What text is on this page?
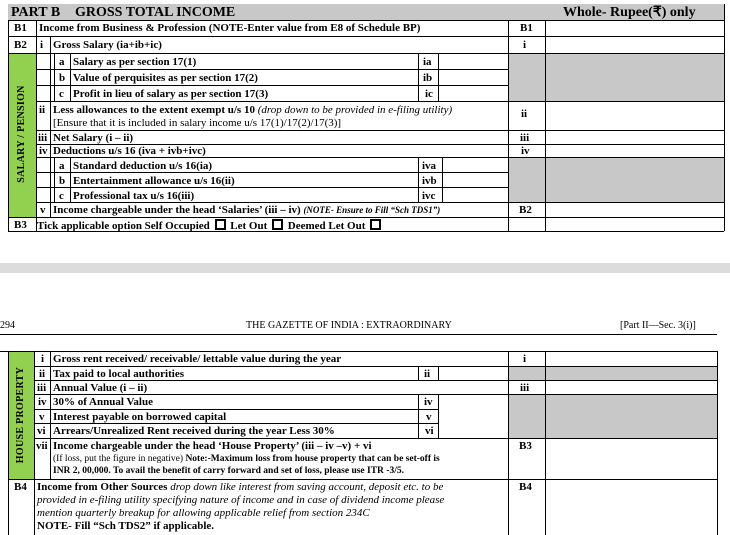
PART B GROSS TOTAL INCOME	Whole- Rupee(₹) only
SALARY / PENSION
B1 Income from Business & Profession (NOTE-Enter value from E8 of Schedule BP)	B1
B2 i Gross Salary (ia+ib+ic)	i
a Salary as per section 17(1)	ia
b Value of perquisites as per section 17(2)	ib
c Profit in lieu of salary as per section 17(3)	ic
ii Less allowances to the extent exempt u/s 10 (drop down to be provided in e-filing utility)
[Ensure that it is included in salary income u/s 17(1)/17(2)/17(3)]
ii
iii Net Salary (i – ii)	iii
iv Deductions u/s 16 (iva + ivb+ivc)	iv
a Standard deduction u/s 16(ia)	iva
b Entertainment allowance u/s 16(ii)	ivb
c Professional tax u/s 16(iii)	ivc
v Income chargeable under the head ‘Salaries’ (iii – iv) (NOTE- Ensure to Fill “Sch TDS1”)	B2
B3 Tick applicable option Self Occupied Let Out Deemed Let Out
294	THE GAZETTE OF INDIA : EXTRAORDINARY	[Part II—Sec. 3(i)]
HOUSE PROPERTY
i Gross rent received/ receivable/ lettable value during the year	i
ii Tax paid to local authorities	ii
iii Annual Value (i – ii)	iii
iv 30% of Annual Value	iv
v Interest payable on borrowed capital	v
vi Arrears/Unrealized Rent received during the year Less 30%	vi
vii Income chargeable under the head ‘House Property’ (iii – iv –v) + vi
(If loss, put the figure in negative) Note:-Maximum loss from house property that can be set-off is
INR 2, 00,000. To avail the benefit of carry forward and set of loss, please use ITR -3/5.
B3
B4 Income from Other Sources drop down like interest from saving account, deposit etc. to be
provided in e-filing utility specifying nature of income and in case of dividend income please
mention quarterly breakup for allowing applicable relief from section 234C
NOTE- Fill “Sch TDS2” if applicable.
B4
